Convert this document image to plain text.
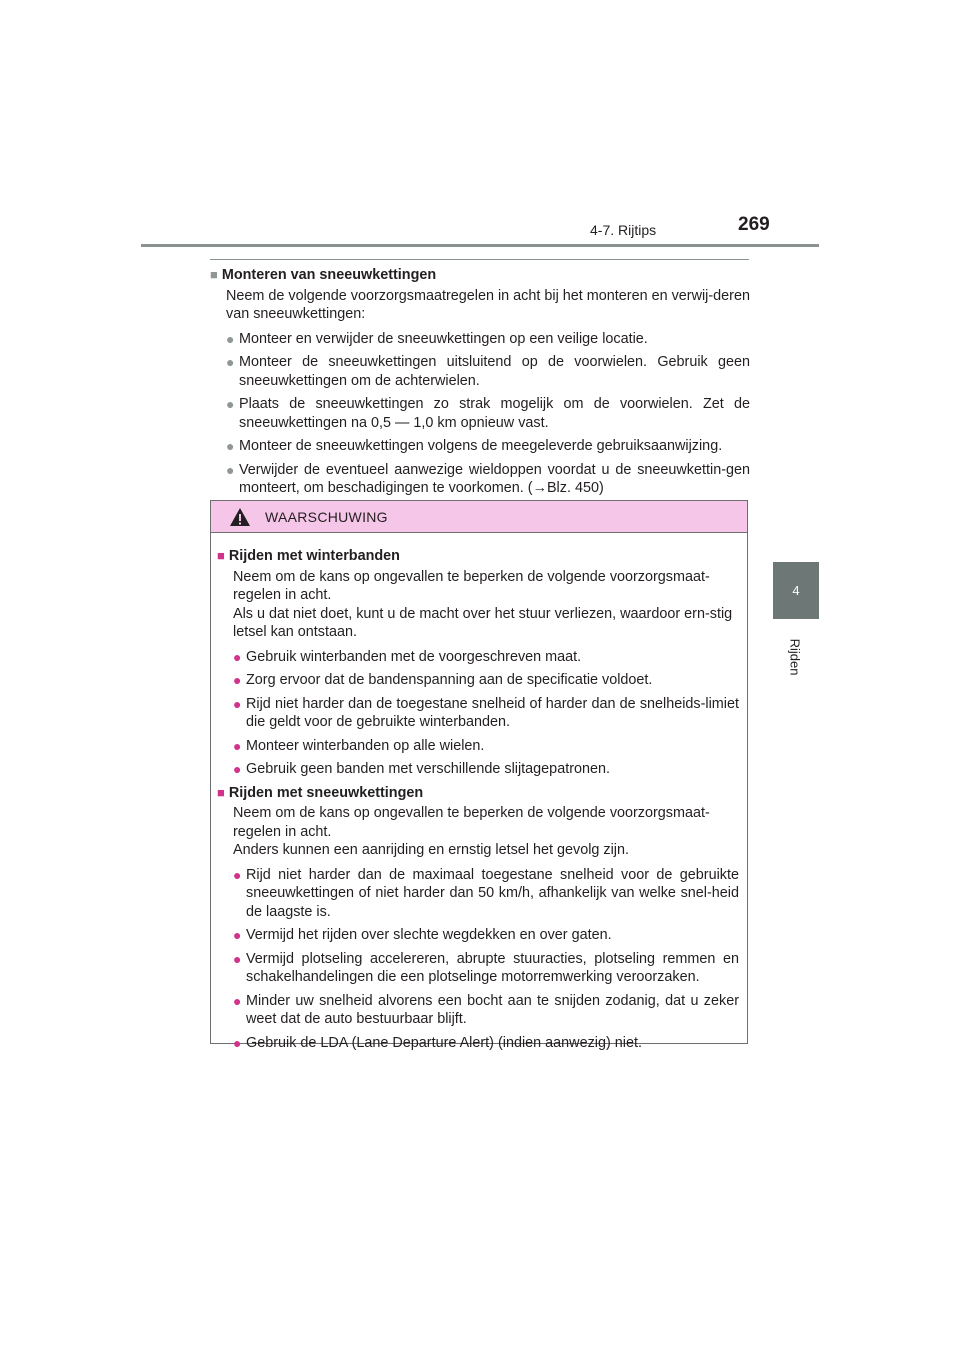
4-7. Rijtips	269
4
Rijden
■ Monteren van sneeuwkettingen
Neem de volgende voorzorgsmaatregelen in acht bij het monteren en verwij-deren van sneeuwkettingen:
● Monteer en verwijder de sneeuwkettingen op een veilige locatie.
● Monteer de sneeuwkettingen uitsluitend op de voorwielen. Gebruik geen sneeuwkettingen om de achterwielen.
● Plaats de sneeuwkettingen zo strak mogelijk om de voorwielen. Zet de sneeuwkettingen na 0,5 — 1,0 km opnieuw vast.
● Monteer de sneeuwkettingen volgens de meegeleverde gebruiksaanwijzing.
● Verwijder de eventueel aanwezige wieldoppen voordat u de sneeuwkettin-gen monteert, om beschadigingen te voorkomen. (→Blz. 450)
WAARSCHUWING
■ Rijden met winterbanden
Neem om de kans op ongevallen te beperken de volgende voorzorgsmaat-regelen in acht.
Als u dat niet doet, kunt u de macht over het stuur verliezen, waardoor ern-stig letsel kan ontstaan.
● Gebruik winterbanden met de voorgeschreven maat.
● Zorg ervoor dat de bandenspanning aan de specificatie voldoet.
● Rijd niet harder dan de toegestane snelheid of harder dan de snelheids-limiet die geldt voor de gebruikte winterbanden.
● Monteer winterbanden op alle wielen.
● Gebruik geen banden met verschillende slijtagepatronen.
■ Rijden met sneeuwkettingen
Neem om de kans op ongevallen te beperken de volgende voorzorgsmaat-regelen in acht.
Anders kunnen een aanrijding en ernstig letsel het gevolg zijn.
● Rijd niet harder dan de maximaal toegestane snelheid voor de gebruikte sneeuwkettingen of niet harder dan 50 km/h, afhankelijk van welke snel-heid de laagste is.
● Vermijd het rijden over slechte wegdekken en over gaten.
● Vermijd plotseling accelereren, abrupte stuuracties, plotseling remmen en schakelhandelingen die een plotselinge motorremwerking veroorzaken.
● Minder uw snelheid alvorens een bocht aan te snijden zodanig, dat u zeker weet dat de auto bestuurbaar blijft.
● Gebruik de LDA (Lane Departure Alert) (indien aanwezig) niet.
